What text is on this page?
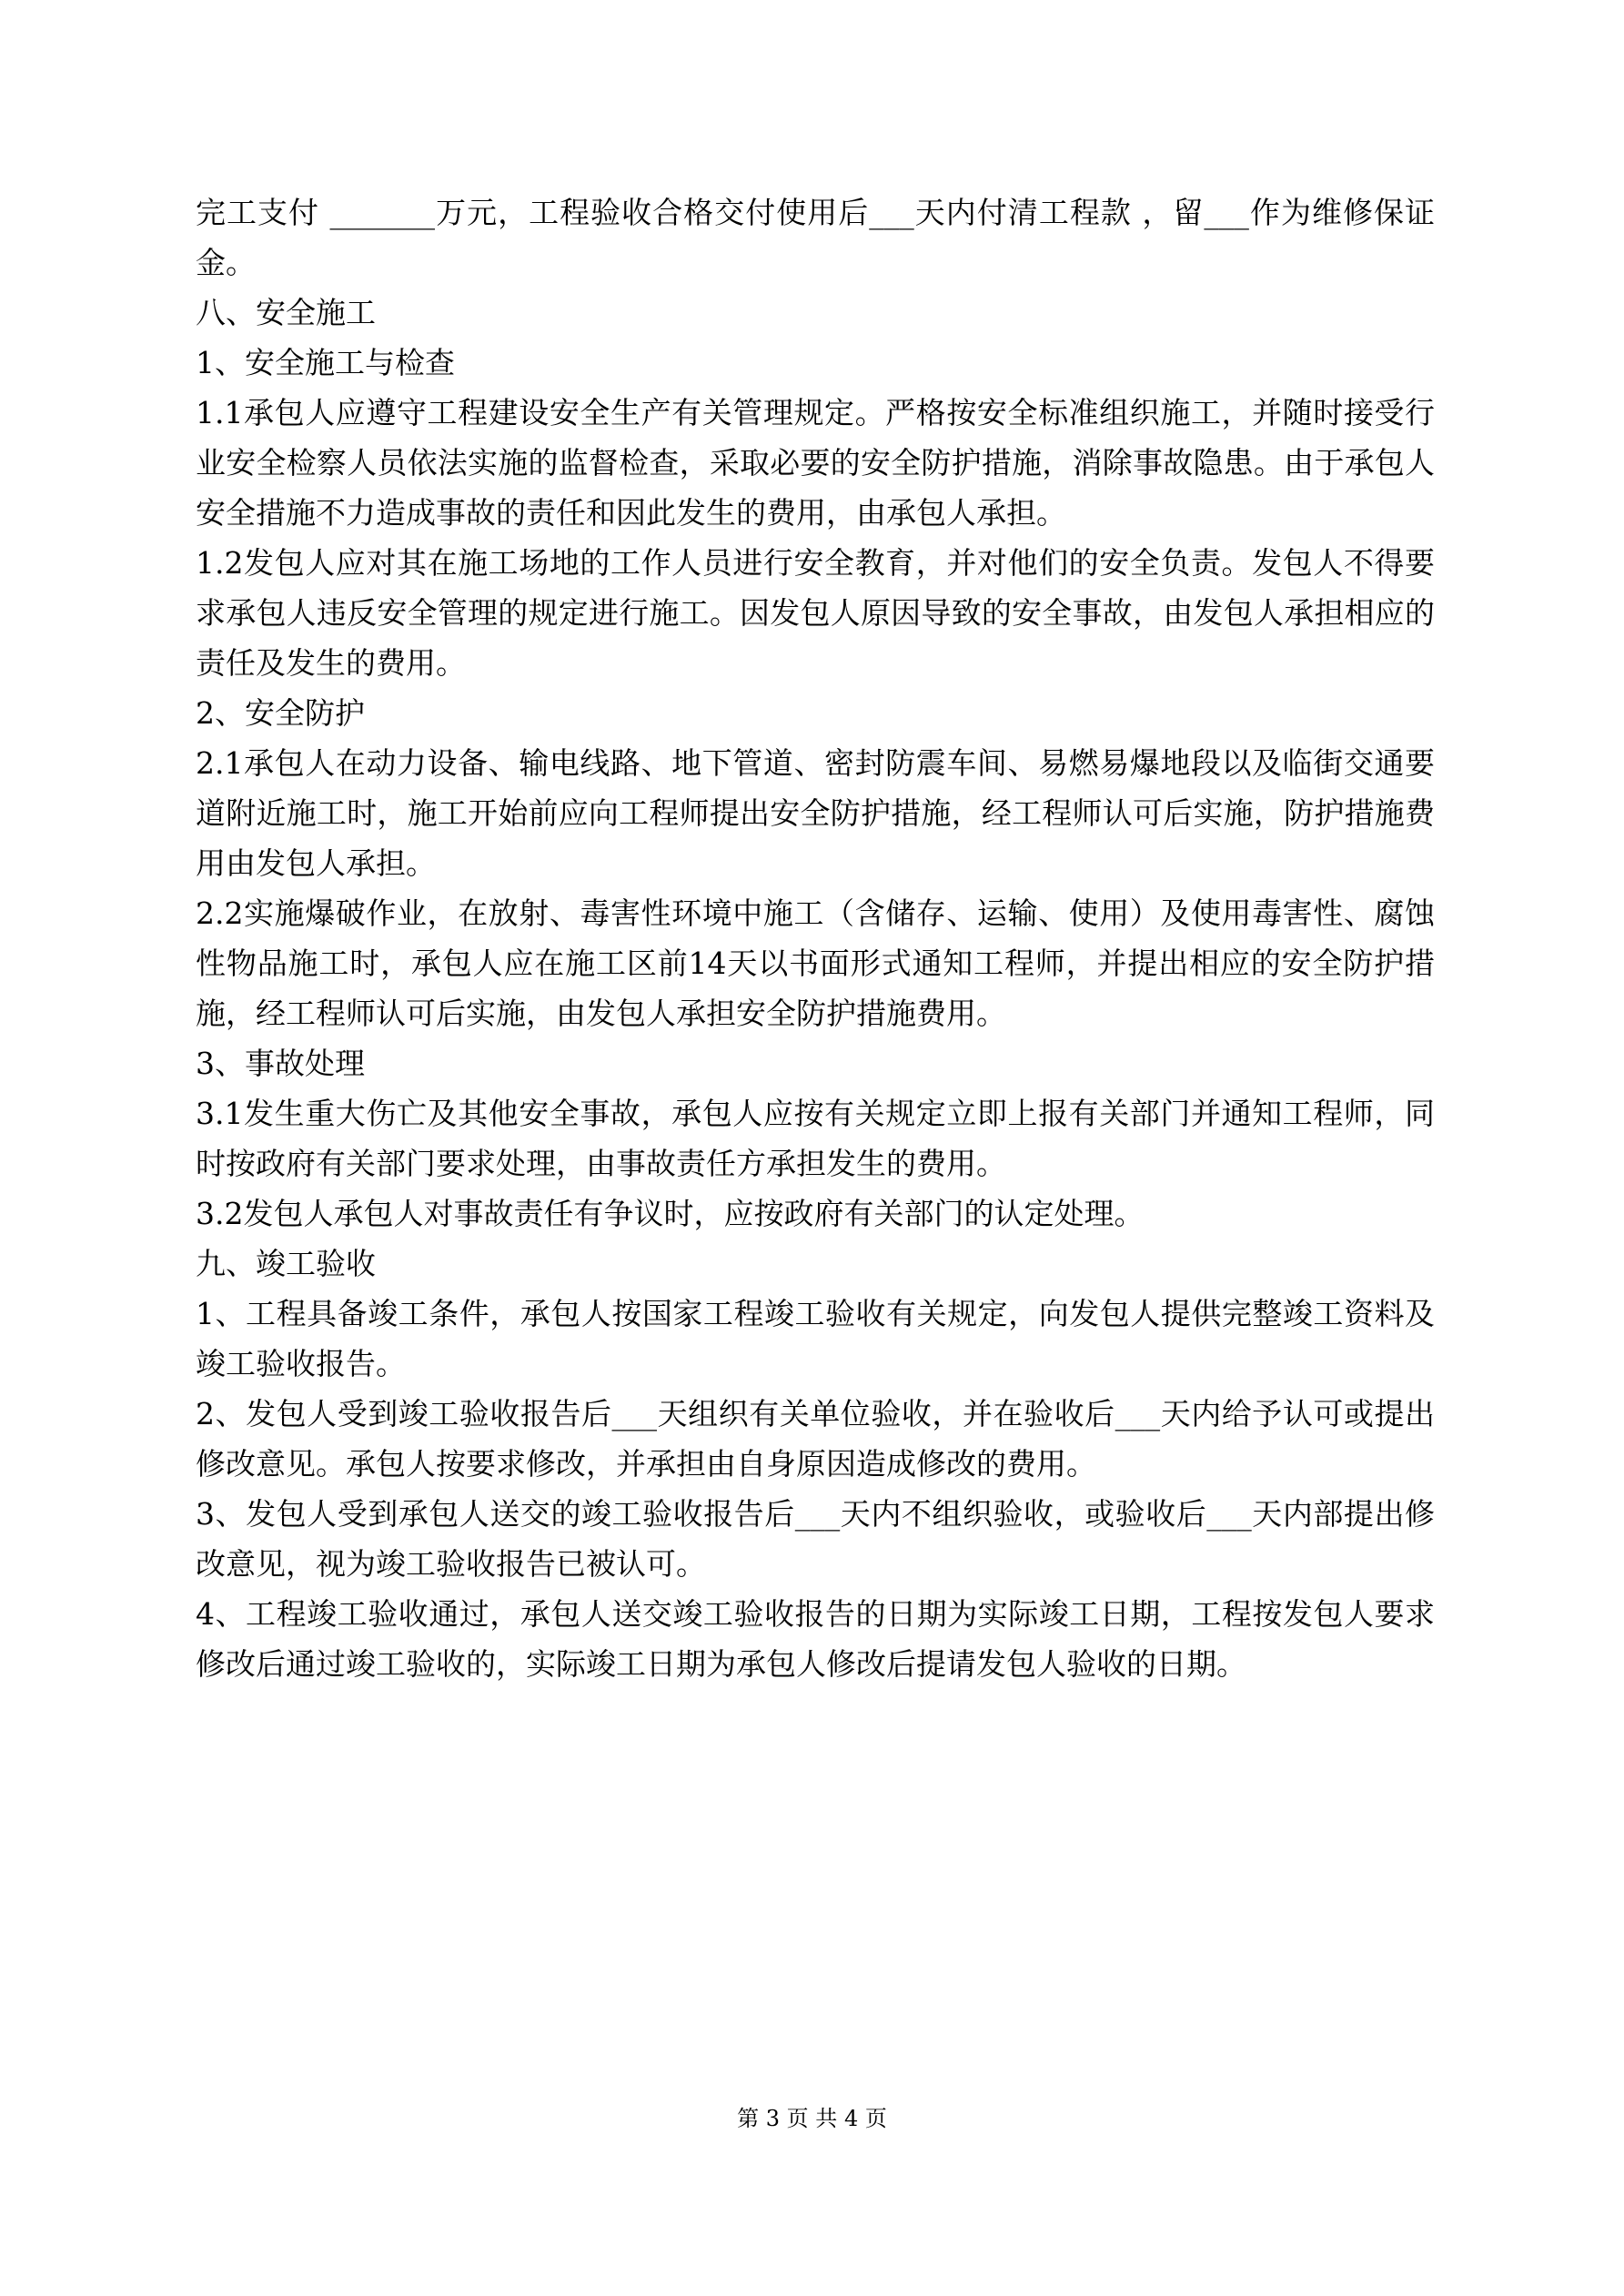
完工支付 _______万元，工程验收合格交付使用后___天内付清工程款 ，留___作为维修保证金。

八、安全施工

1、安全施工与检查

1.1承包人应遵守工程建设安全生产有关管理规定。严格按安全标准组织施工，并随时接受行业安全检察人员依法实施的监督检查，采取必要的安全防护措施，消除事故隐患。由于承包人安全措施不力造成事故的责任和因此发生的费用，由承包人承担。

1.2发包人应对其在施工场地的工作人员进行安全教育，并对他们的安全负责。发包人不得要求承包人违反安全管理的规定进行施工。因发包人原因导致的安全事故，由发包人承担相应的责任及发生的费用。

2、安全防护

2.1承包人在动力设备、输电线路、地下管道、密封防震车间、易燃易爆地段以及临街交通要道附近施工时，施工开始前应向工程师提出安全防护措施，经工程师认可后实施，防护措施费用由发包人承担。

2.2实施爆破作业，在放射、毒害性环境中施工（含储存、运输、使用）及使用毒害性、腐蚀性物品施工时，承包人应在施工区前14天以书面形式通知工程师，并提出相应的安全防护措施，经工程师认可后实施，由发包人承担安全防护措施费用。

3、事故处理

3.1发生重大伤亡及其他安全事故，承包人应按有关规定立即上报有关部门并通知工程师，同时按政府有关部门要求处理，由事故责任方承担发生的费用。

3.2发包人承包人对事故责任有争议时，应按政府有关部门的认定处理。

九、竣工验收

1、工程具备竣工条件，承包人按国家工程竣工验收有关规定，向发包人提供完整竣工资料及竣工验收报告。

2、发包人受到竣工验收报告后___天组织有关单位验收，并在验收后___天内给予认可或提出修改意见。承包人按要求修改，并承担由自身原因造成修改的费用。

3、发包人受到承包人送交的竣工验收报告后___天内不组织验收，或验收后___天内部提出修改意见，视为竣工验收报告已被认可。

4、工程竣工验收通过，承包人送交竣工验收报告的日期为实际竣工日期，工程按发包人要求修改后通过竣工验收的，实际竣工日期为承包人修改后提请发包人验收的日期。

第 3 页 共 4 页
